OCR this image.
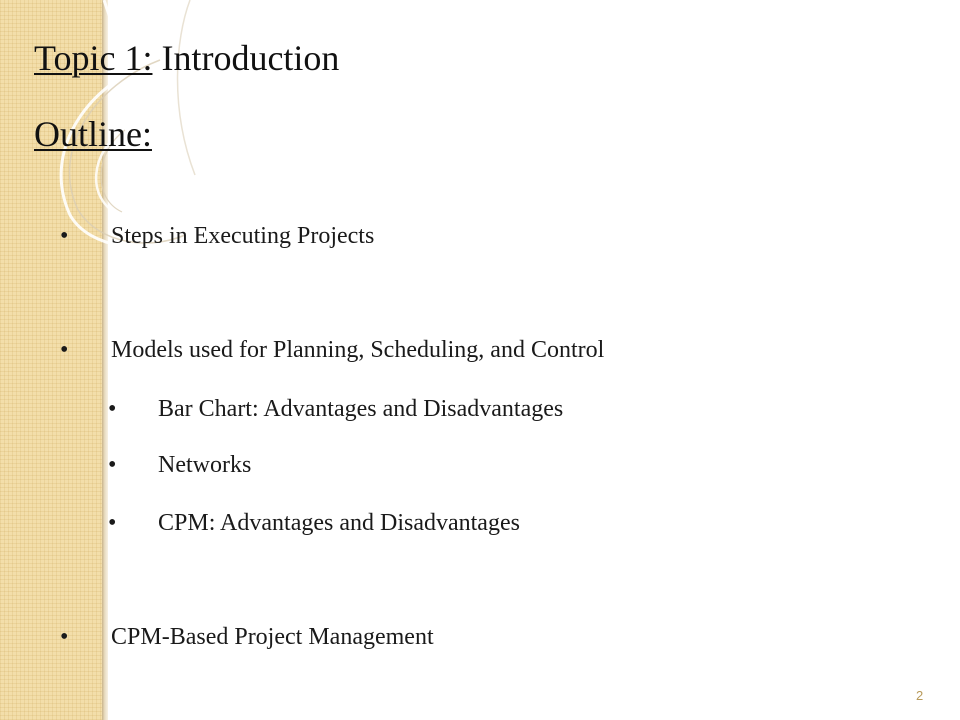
Topic 1: Introduction
Outline:
•	Steps in Executing Projects
•	Models used for Planning, Scheduling, and Control
•	Bar Chart: Advantages and Disadvantages
•	Networks
•	CPM: Advantages and Disadvantages
•	CPM-Based Project Management
2
